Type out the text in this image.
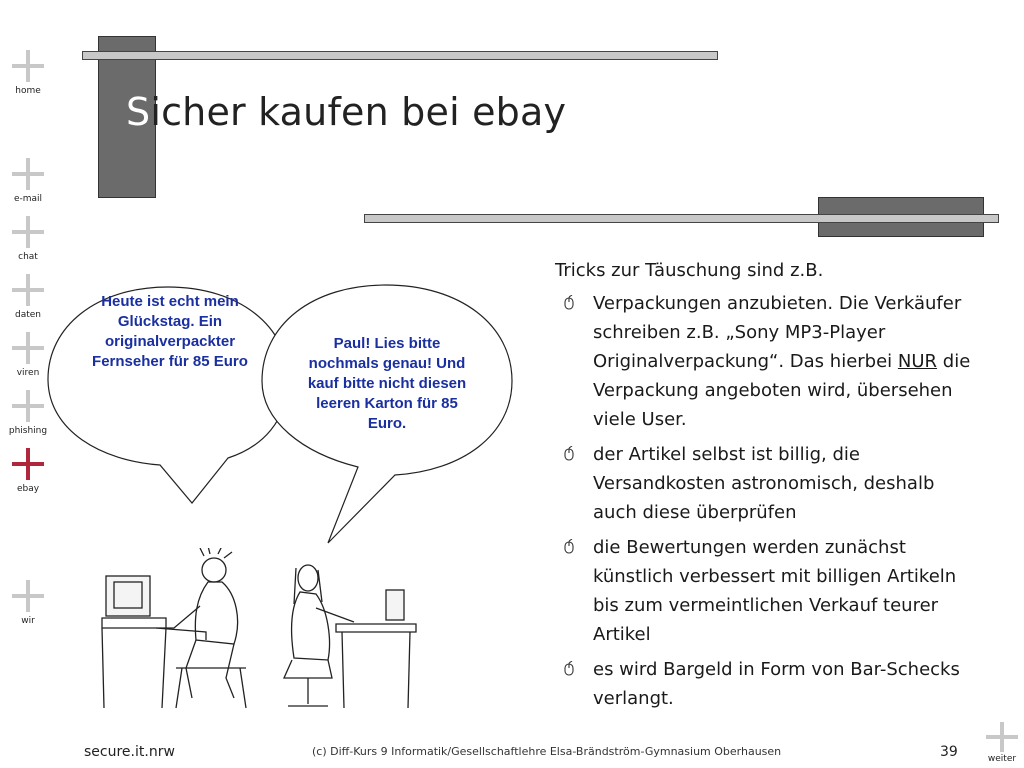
home
e-mail
chat
daten
viren
phishing
ebay
wir
weiter
Sicher kaufen bei ebay
Heute ist echt mein Glückstag. Ein originalverpackter Fernseher für 85 Euro
Paul! Lies bitte nochmals genau! Und kauf bitte nicht diesen leeren Karton für 85 Euro.

Tricks zur Täuschung sind z.B.

Verpackungen anzubieten. Die Verkäufer schreiben z.B. „Sony MP3-Player Originalverpackung“. Das hierbei NUR die Verpackung angeboten wird, übersehen viele User.
der Artikel selbst ist billig, die Versandkosten astronomisch, deshalb auch diese überprüfen
die Bewertungen werden zunächst künstlich verbessert mit billigen Artikeln bis zum vermeintlichen Verkauf teurer Artikel
es wird Bargeld in Form von Bar-Schecks verlangt.
secure.it.nrw	(c) Diff-Kurs 9 Informatik/Gesellschaftlehre Elsa-Brändström-Gymnasium Oberhausen	39
